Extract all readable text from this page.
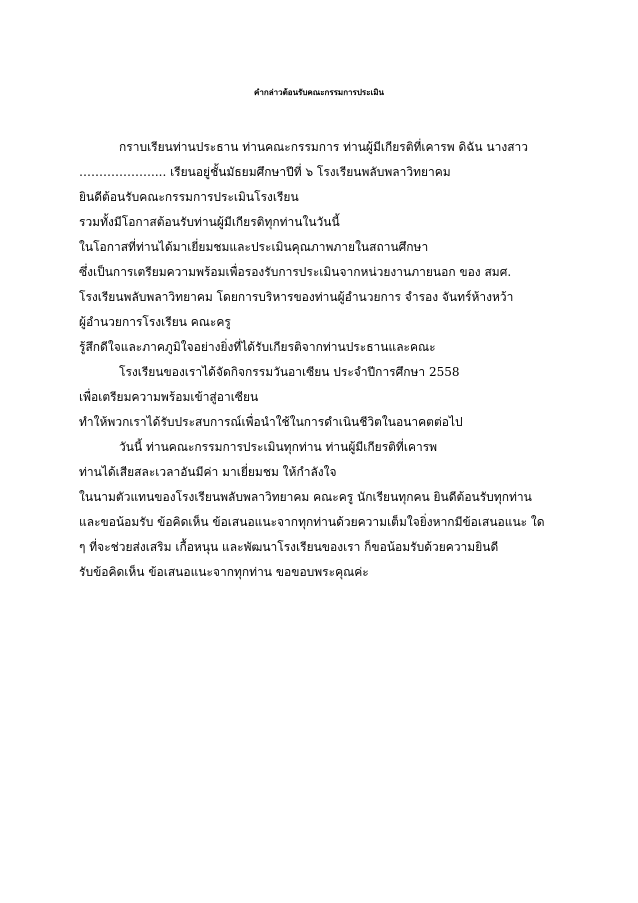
คำกล่าวต้อนรับคณะกรรมการประเมิน
กราบเรียนท่านประธาน ท่านคณะกรรมการ ท่านผู้มีเกียรติที่เคารพ ดิฉัน นางสาว
……………….... เรียนอยู่ชั้นมัธยมศึกษาปีที่ ๖ โรงเรียนพลับพลาวิทยาคม
ยินดีต้อนรับคณะกรรมการประเมินโรงเรียน
รวมทั้งมีโอกาสต้อนรับท่านผู้มีเกียรติทุกท่านในวันนี้
ในโอกาสที่ท่านได้มาเยี่ยมชมและประเมินคุณภาพภายในสถานศึกษา
ซึ่งเป็นการเตรียมความพร้อมเพื่อรองรับการประเมินจากหน่วยงานภายนอก ของ สมศ.
โรงเรียนพลับพลาวิทยาคม โดยการบริหารของท่านผู้อำนวยการ จำรอง จันทร์ห้างหว้า
ผู้อำนวยการโรงเรียน คณะครู
รู้สึกดีใจและภาคภูมิใจอย่างยิ่งที่ได้รับเกียรติจากท่านประธานและคณะ
โรงเรียนของเราได้จัดกิจกรรมวันอาเซียน ประจำปีการศึกษา 2558
เพื่อเตรียมความพร้อมเข้าสู่อาเซียน
ทำให้พวกเราได้รับประสบการณ์เพื่อนำใช้ในการดำเนินชีวิตในอนาคตต่อไป
วันนี้ ท่านคณะกรรมการประเมินทุกท่าน ท่านผู้มีเกียรติที่เคารพ
ท่านได้เสียสละเวลาอันมีค่า มาเยี่ยมชม ให้กำลังใจ
ในนามตัวแทนของโรงเรียนพลับพลาวิทยาคม คณะครู นักเรียนทุกคน ยินดีต้อนรับทุกท่าน
และขอน้อมรับ ข้อคิดเห็น ข้อเสนอแนะจากทุกท่านด้วยความเต็มใจยิ่งหากมีข้อเสนอแนะ ใด
ๆ ที่จะช่วยส่งเสริม เกื้อหนุน และพัฒนาโรงเรียนของเรา ก็ขอน้อมรับด้วยความยินดี
รับข้อคิดเห็น ข้อเสนอแนะจากทุกท่าน ขอขอบพระคุณค่ะ
